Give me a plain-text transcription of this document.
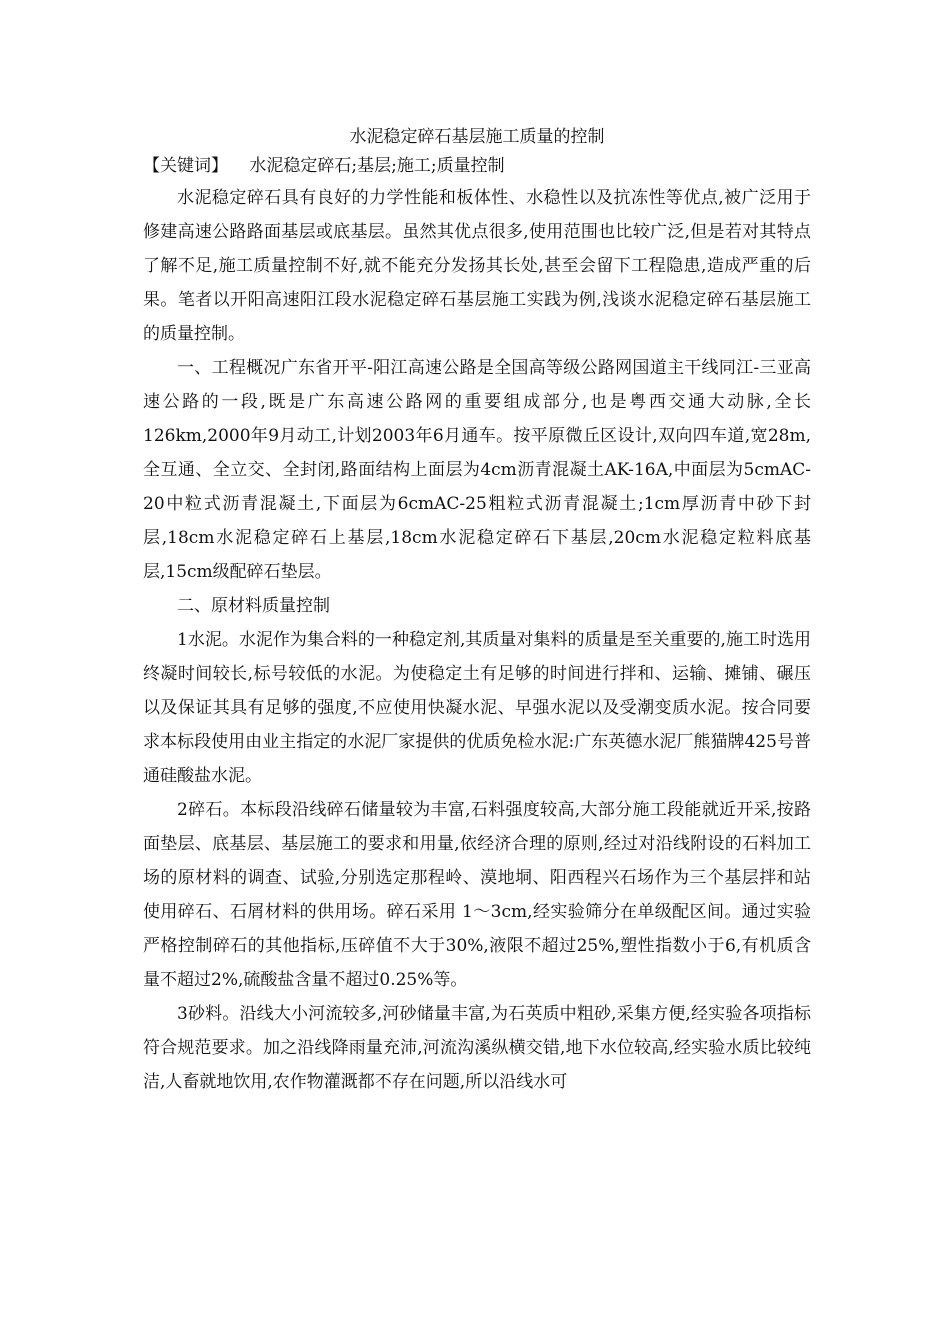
水泥稳定碎石基层施工质量的控制
【关键词】 水泥稳定碎石;基层;施工;质量控制

水泥稳定碎石具有良好的力学性能和板体性、水稳性以及抗冻性等优点,被广泛用于修建高速公路路面基层或底基层。虽然其优点很多,使用范围也比较广泛,但是若对其特点了解不足,施工质量控制不好,就不能充分发扬其长处,甚至会留下工程隐患,造成严重的后果。笔者以开阳高速阳江段水泥稳定碎石基层施工实践为例,浅谈水泥稳定碎石基层施工的质量控制。

一、工程概况广东省开平-阳江高速公路是全国高等级公路网国道主干线同江-三亚高速公路的一段,既是广东高速公路网的重要组成部分,也是粤西交通大动脉,全长126km,2000年9月动工,计划2003年6月通车。按平原微丘区设计,双向四车道,宽28m,全互通、全立交、全封闭,路面结构上面层为4cm沥青混凝土AK-16A,中面层为5cmAC-20中粒式沥青混凝土,下面层为6cmAC-25粗粒式沥青混凝土;1cm厚沥青中砂下封层,18cm水泥稳定碎石上基层,18cm水泥稳定碎石下基层,20cm水泥稳定粒料底基层,15cm级配碎石垫层。

二、原材料质量控制

1水泥。水泥作为集合料的一种稳定剂,其质量对集料的质量是至关重要的,施工时选用终凝时间较长,标号较低的水泥。为使稳定土有足够的时间进行拌和、运输、摊铺、碾压以及保证其具有足够的强度,不应使用快凝水泥、早强水泥以及受潮变质水泥。按合同要求本标段使用由业主指定的水泥厂家提供的优质免检水泥:广东英德水泥厂熊猫牌425号普通硅酸盐水泥。

2碎石。本标段沿线碎石储量较为丰富,石料强度较高,大部分施工段能就近开采,按路面垫层、底基层、基层施工的要求和用量,依经济合理的原则,经过对沿线附设的石料加工场的原材料的调查、试验,分别选定那程岭、漠地垌、阳西程兴石场作为三个基层拌和站使用碎石、石屑材料的供用场。碎石采用 1～3cm,经实验筛分在单级配区间。通过实验严格控制碎石的其他指标,压碎值不大于30%,液限不超过25%,塑性指数小于6,有机质含量不超过2%,硫酸盐含量不超过0.25%等。

3砂料。沿线大小河流较多,河砂储量丰富,为石英质中粗砂,采集方便,经实验各项指标符合规范要求。加之沿线降雨量充沛,河流沟溪纵横交错,地下水位较高,经实验水质比较纯洁,人畜就地饮用,农作物灌溉都不存在问题,所以沿线水可
